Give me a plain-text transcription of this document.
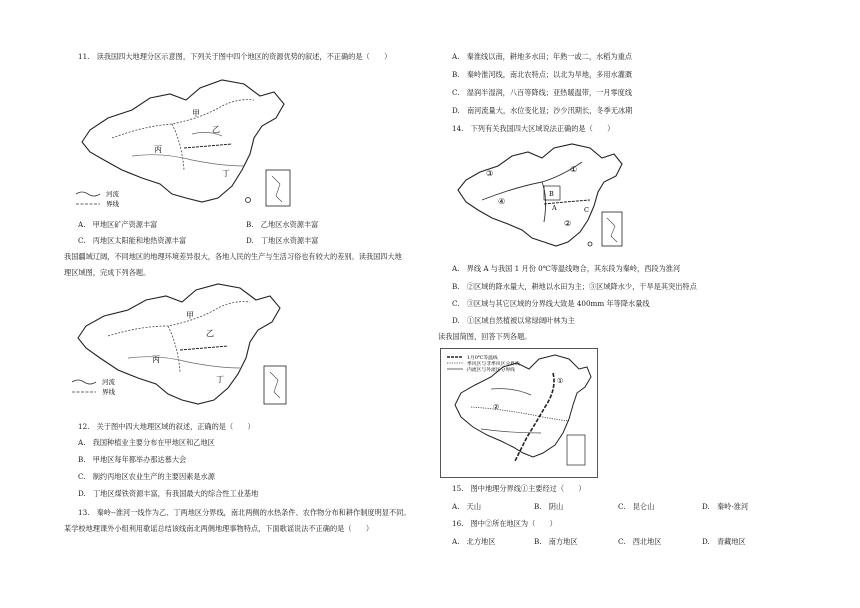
11.　读我国四大地理分区示意图，下列关于图中四个地区的资源优势的叙述，不正确的是（　　）
甲
乙
丙
丁
河流
界线
A.　甲地区矿产资源丰富	B.　乙地区水资源丰富
C.　丙地区太阳能和地热资源丰富	D.　丁地区水资源丰富
我国疆域辽阔，不同地区的地理环境差异很大，各地人民的生产与生活习俗也有较大的差别。读我国四大地
理区域图，完成下列各题。
甲
乙
丙
丁
河流
界线
12.　关于图中四大地理区域的叙述，正确的是（　　）
A.　我国种植业主要分布在甲地区和乙地区
B.　甲地区每年都举办那达慕大会
C.　制约丙地区农业生产的主要因素是水源
D.　丁地区煤铁资源丰富，有我国最大的综合性工业基地
13.　秦岭--淮河一线作为乙、丁两地区分界线，南北两侧的水热条件、农作物分布和耕作制度明显不同。
某学校地理课外小组利用歌谣总结该线南北两侧地理事物特点，下面歌谣说法不正确的是（　　）
A.　秦淮线以南，耕地多水田；年熟一或二，水稻为重点
B.　秦岭淮河线，南北农特点；以北为旱地，多用水灌溉
C.　湿润半湿润，八百等降线；亚热暖温带，一月零度线
D.　南河流量大，水位变化显；沙少汛期长，冬季无冰期
14.　下列有关我国四大区域说法正确的是（　　）
①
②
③
④
A
B
C
A.　界线 A 与我国 1 月份 0℃等温线吻合，其东段为秦岭，西段为淮河
B.　②区域的降水量大，耕地以水田为主；③区域降水少，干旱是其突出特点
C.　③区域与其它区域的分界线大致是 400mm 年等降水量线
D.　①区域自然植被以常绿阔叶林为主
读我国简图，回答下列各题。
1月0℃等温线
季风区与非季风区分界线
内流区与外流区分界线
①
②
15.　图中地理分界线①主要经过（　　）
A.　天山	B.　阴山	C.　昆仑山	D.　秦岭-淮河
16.　图中②所在地区为（　　）
A.　北方地区	B.　南方地区	C.　西北地区	D.　青藏地区
